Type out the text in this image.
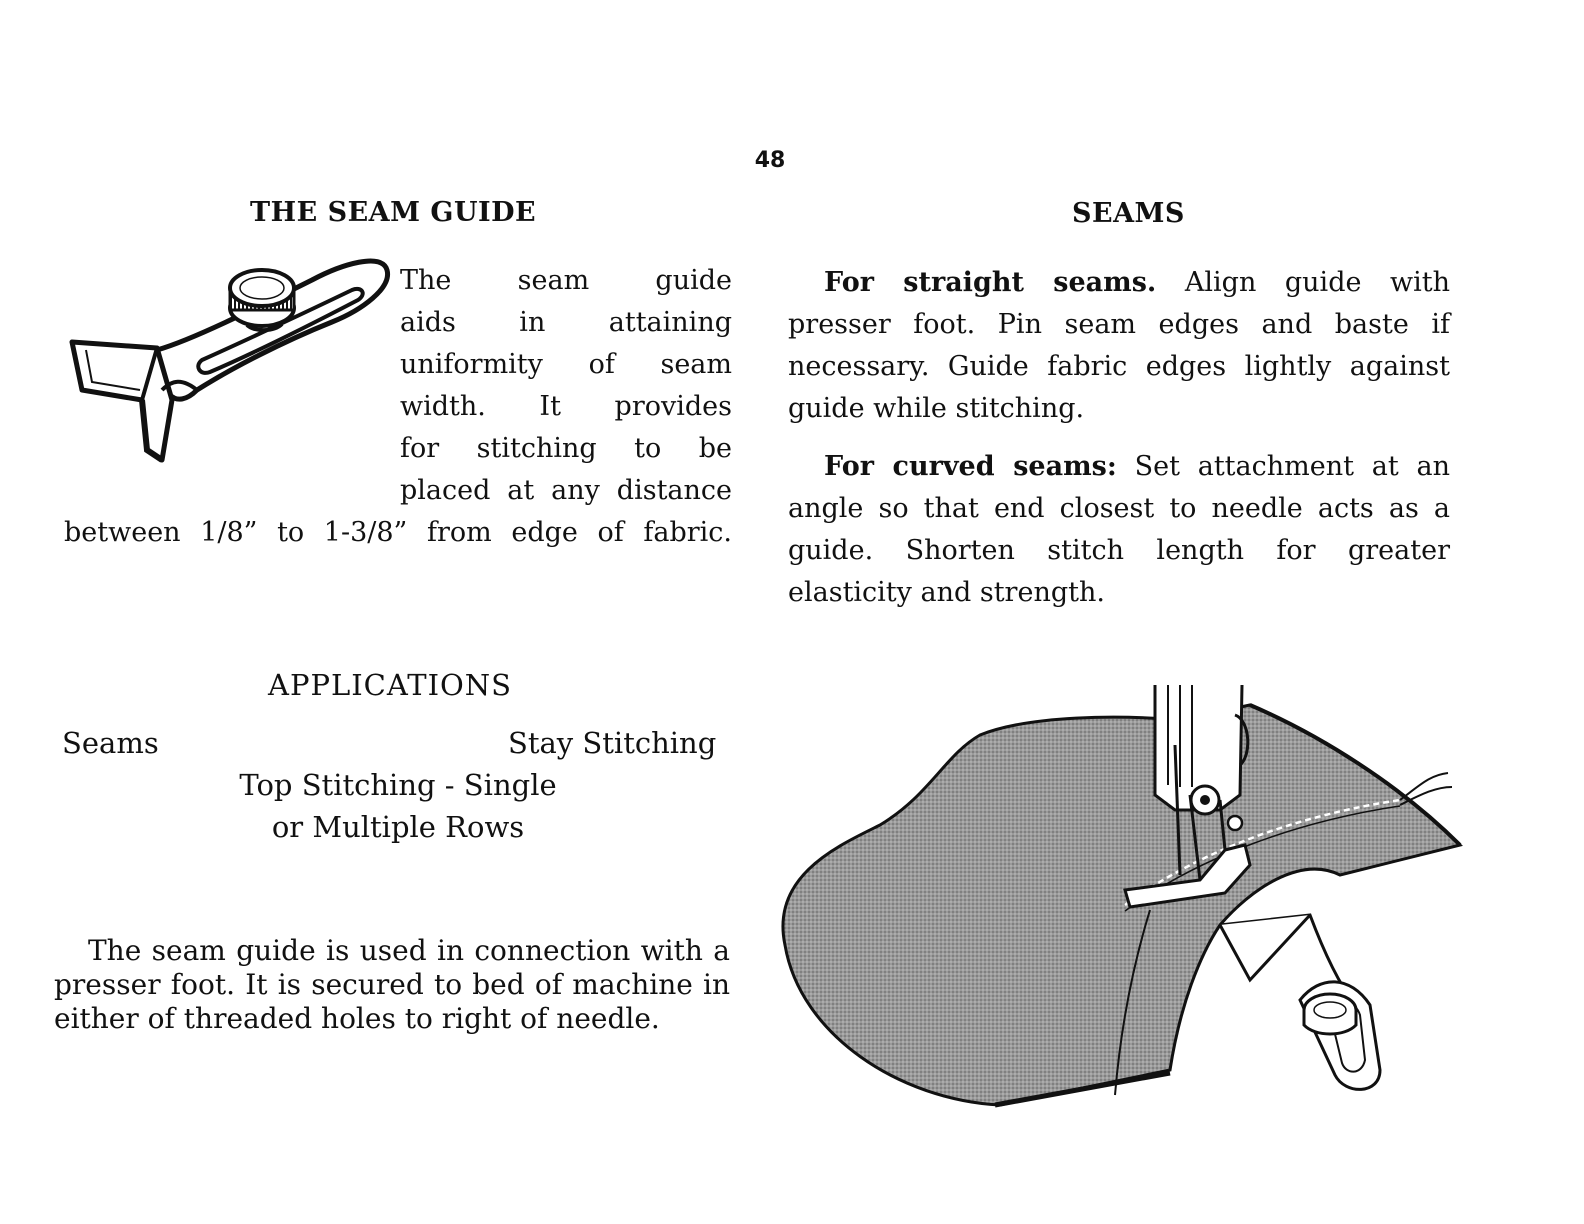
48
THE SEAM GUIDE
The seam guide
aids in attaining
uniformity of seam
width. It provides
for stitching to be
placed at any distance
between 1/8” to 1-3/8” from edge of fabric.
APPLICATIONS
Seams	Stay Stitching
Top Stitching - Single
or Multiple Rows
The seam guide is used in connection with a presser foot. It is secured to bed of machine in either of threaded holes to right of needle.
SEAMS

For straight seams. Align guide with presser foot. Pin seam edges and baste if necessary. Guide fabric edges lightly against guide while stitching.

For curved seams: Set attachment at an angle so that end closest to needle acts as a guide. Shorten stitch length for greater elasticity and strength.
